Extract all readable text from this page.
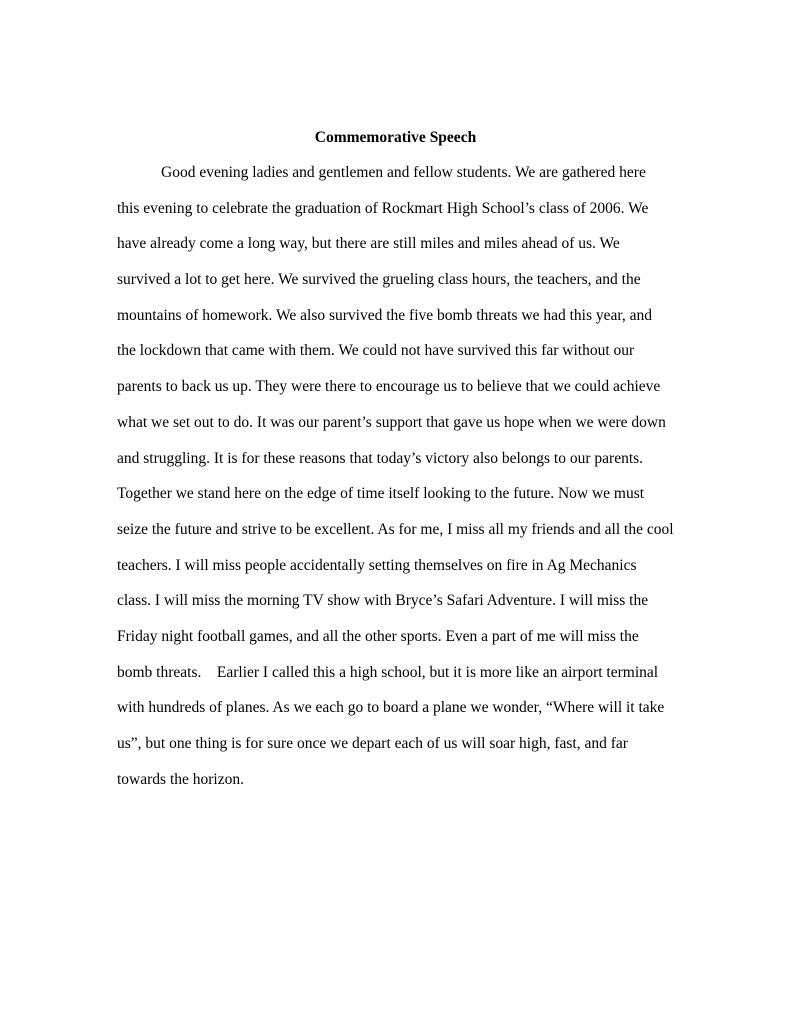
Commemorative Speech
Good evening ladies and gentlemen and fellow students. We are gathered here
this evening to celebrate the graduation of Rockmart High School’s class of 2006. We
have already come a long way, but there are still miles and miles ahead of us. We
survived a lot to get here. We survived the grueling class hours, the teachers, and the
mountains of homework. We also survived the five bomb threats we had this year, and
the lockdown that came with them. We could not have survived this far without our
parents to back us up. They were there to encourage us to believe that we could achieve
what we set out to do. It was our parent’s support that gave us hope when we were down
and struggling. It is for these reasons that today’s victory also belongs to our parents.
Together we stand here on the edge of time itself looking to the future. Now we must
seize the future and strive to be excellent. As for me, I miss all my friends and all the cool
teachers. I will miss people accidentally setting themselves on fire in Ag Mechanics
class. I will miss the morning TV show with Bryce’s Safari Adventure. I will miss the
Friday night football games, and all the other sports. Even a part of me will miss the
bomb threats.    Earlier I called this a high school, but it is more like an airport terminal
with hundreds of planes. As we each go to board a plane we wonder, “Where will it take
us”, but one thing is for sure once we depart each of us will soar high, fast, and far
towards the horizon.
